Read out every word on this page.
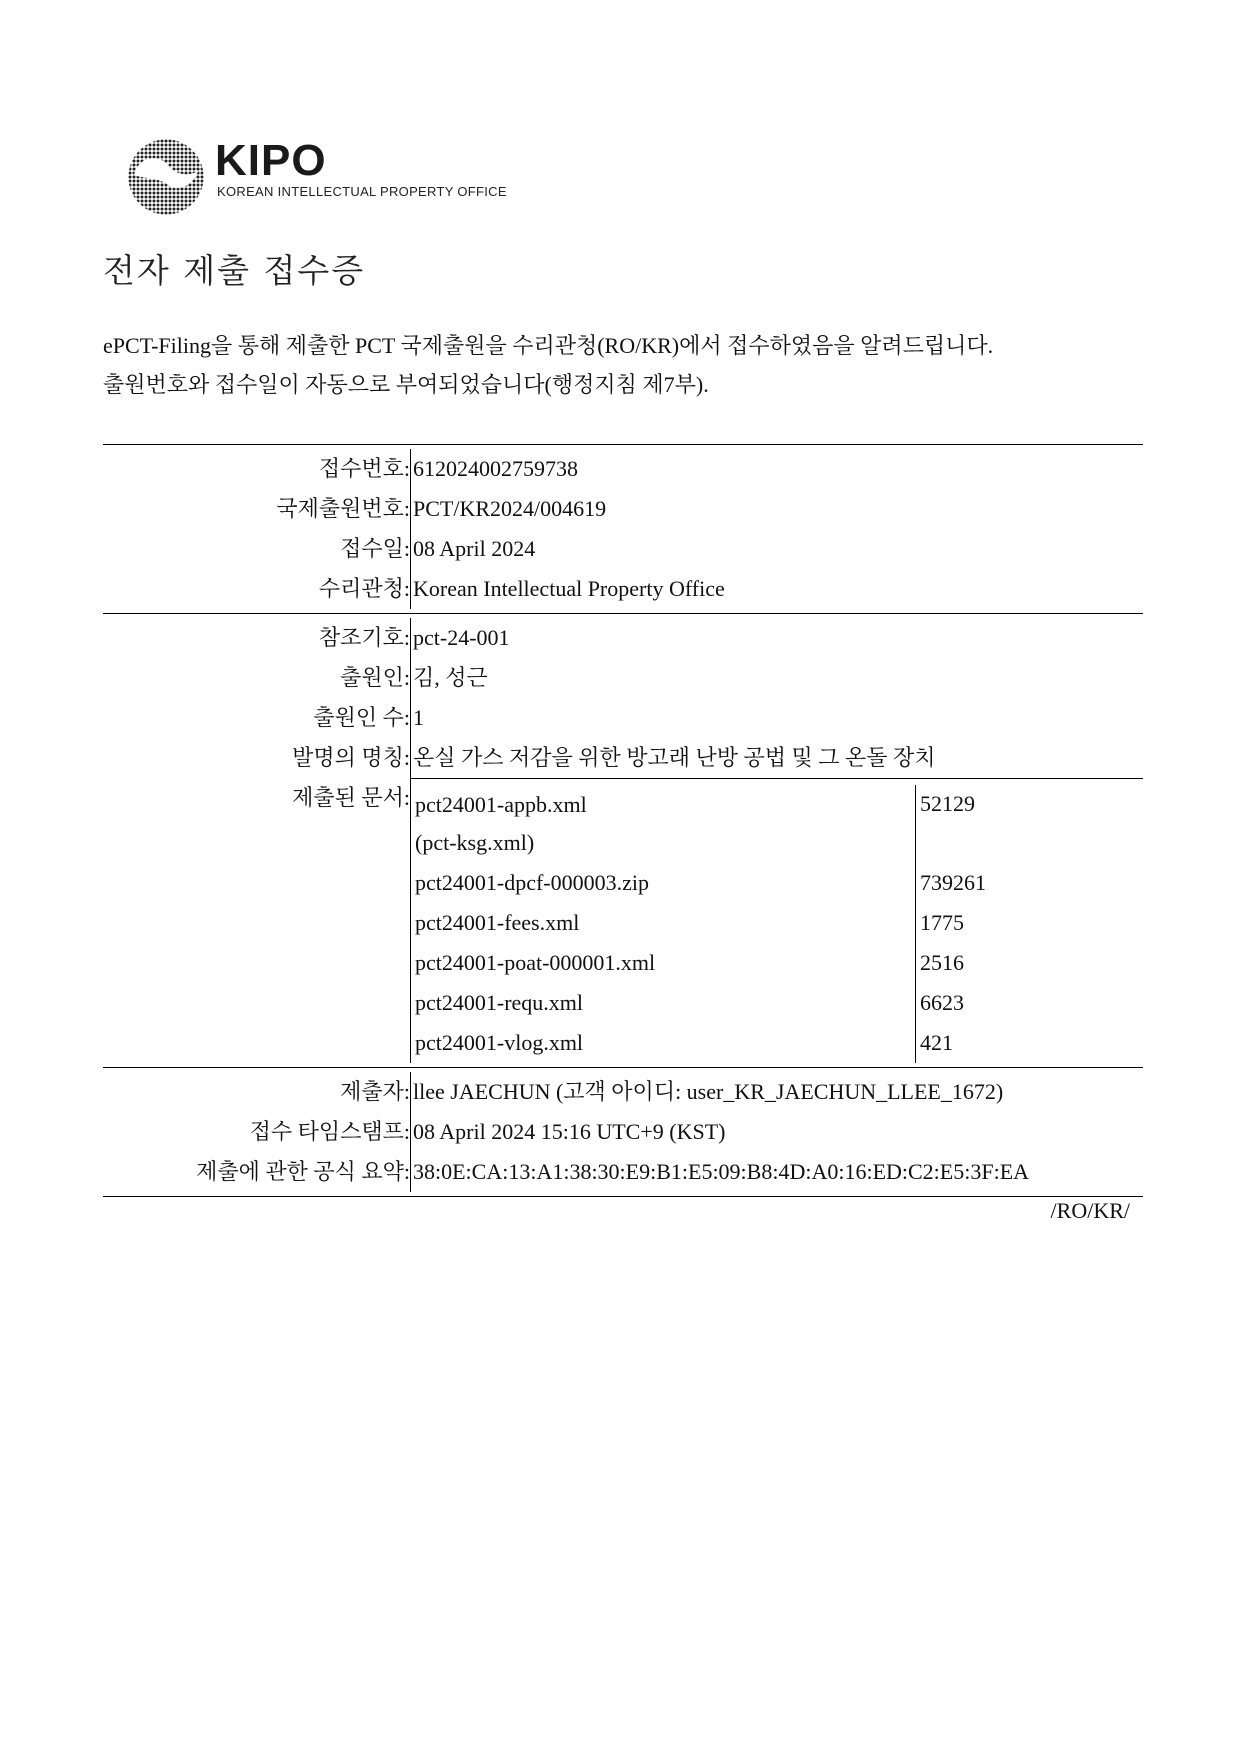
KIPO
KOREAN INTELLECTUAL PROPERTY OFFICE
전자 제출 접수증

ePCT-Filing을 통해 제출한 PCT 국제출원을 수리관청(RO/KR)에서 접수하였음을 알려드립니다.

출원번호와 접수일이 자동으로 부여되었습니다(행정지침 제7부).

접수번호: 612024002759738
국제출원번호: PCT/KR2024/004619
접수일: 08 April 2024
수리관청: Korean Intellectual Property Office
참조기호: pct-24-001
출원인: 김, 성근
출원인 수: 1
발명의 명칭: 온실 가스 저감을 위한 방고래 난방 공법 및 그 온돌 장치
제출된 문서: pct24001-appb.xml	52129
(pct-ksg.xml)
pct24001-dpcf-000003.zip	739261
pct24001-fees.xml	1775
pct24001-poat-000001.xml	2516
pct24001-requ.xml	6623
pct24001-vlog.xml	421
제출자: llee JAECHUN (고객 아이디: user_KR_JAECHUN_LLEE_1672)
접수 타임스탬프: 08 April 2024 15:16 UTC+9 (KST)
제출에 관한 공식 요약: 38:0E:CA:13:A1:38:30:E9:B1:E5:09:B8:4D:A0:16:ED:C2:E5:3F:EA
/RO/KR/
